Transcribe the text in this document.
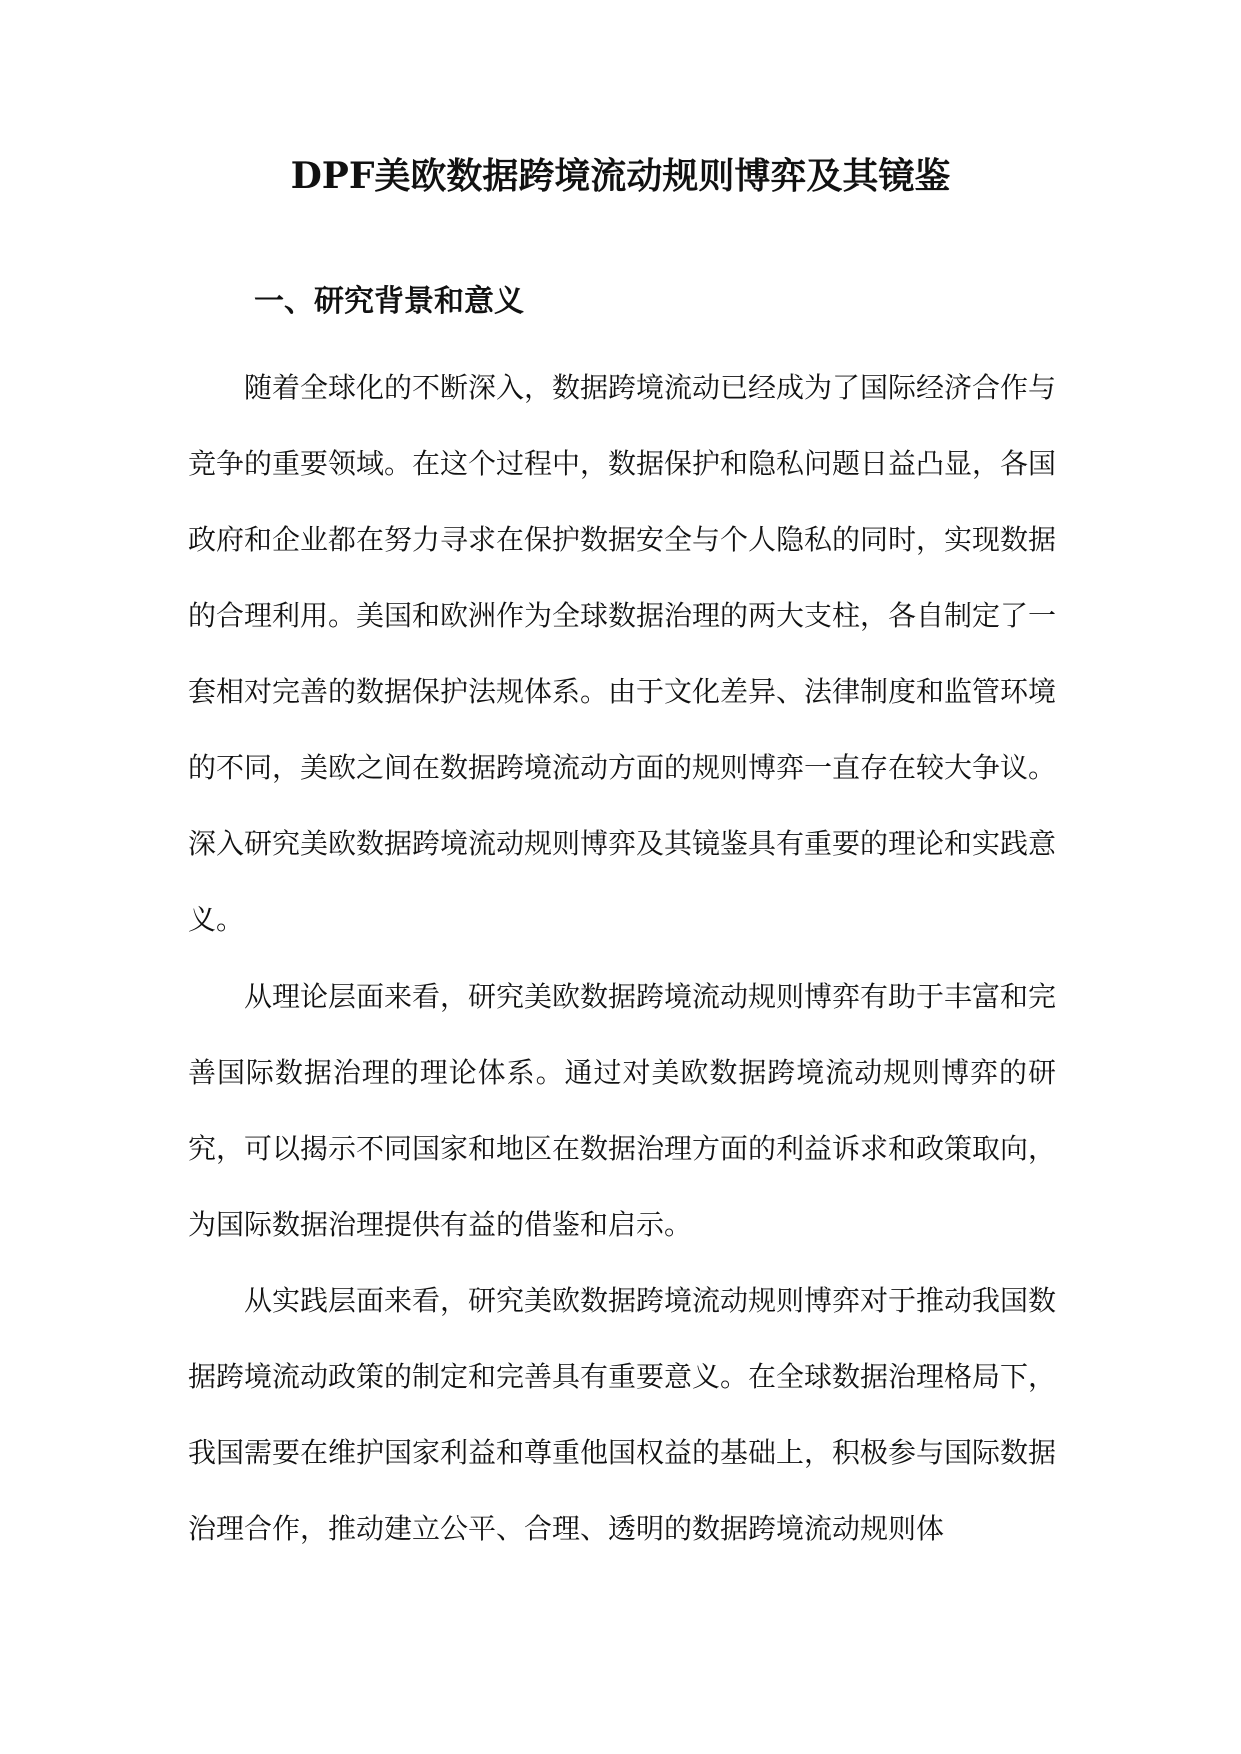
DPF美欧数据跨境流动规则博弈及其镜鉴
一、研究背景和意义

随着全球化的不断深入，数据跨境流动已经成为了国际经济合作与竞争的重要领域。在这个过程中，数据保护和隐私问题日益凸显，各国政府和企业都在努力寻求在保护数据安全与个人隐私的同时，实现数据的合理利用。美国和欧洲作为全球数据治理的两大支柱，各自制定了一套相对完善的数据保护法规体系。由于文化差异、法律制度和监管环境的不同，美欧之间在数据跨境流动方面的规则博弈一直存在较大争议。深入研究美欧数据跨境流动规则博弈及其镜鉴具有重要的理论和实践意义。

从理论层面来看，研究美欧数据跨境流动规则博弈有助于丰富和完善国际数据治理的理论体系。通过对美欧数据跨境流动规则博弈的研究，可以揭示不同国家和地区在数据治理方面的利益诉求和政策取向，为国际数据治理提供有益的借鉴和启示。

从实践层面来看，研究美欧数据跨境流动规则博弈对于推动我国数据跨境流动政策的制定和完善具有重要意义。在全球数据治理格局下，我国需要在维护国家利益和尊重他国权益的基础上，积极参与国际数据治理合作，推动建立公平、合理、透明的数据跨境流动规则体
